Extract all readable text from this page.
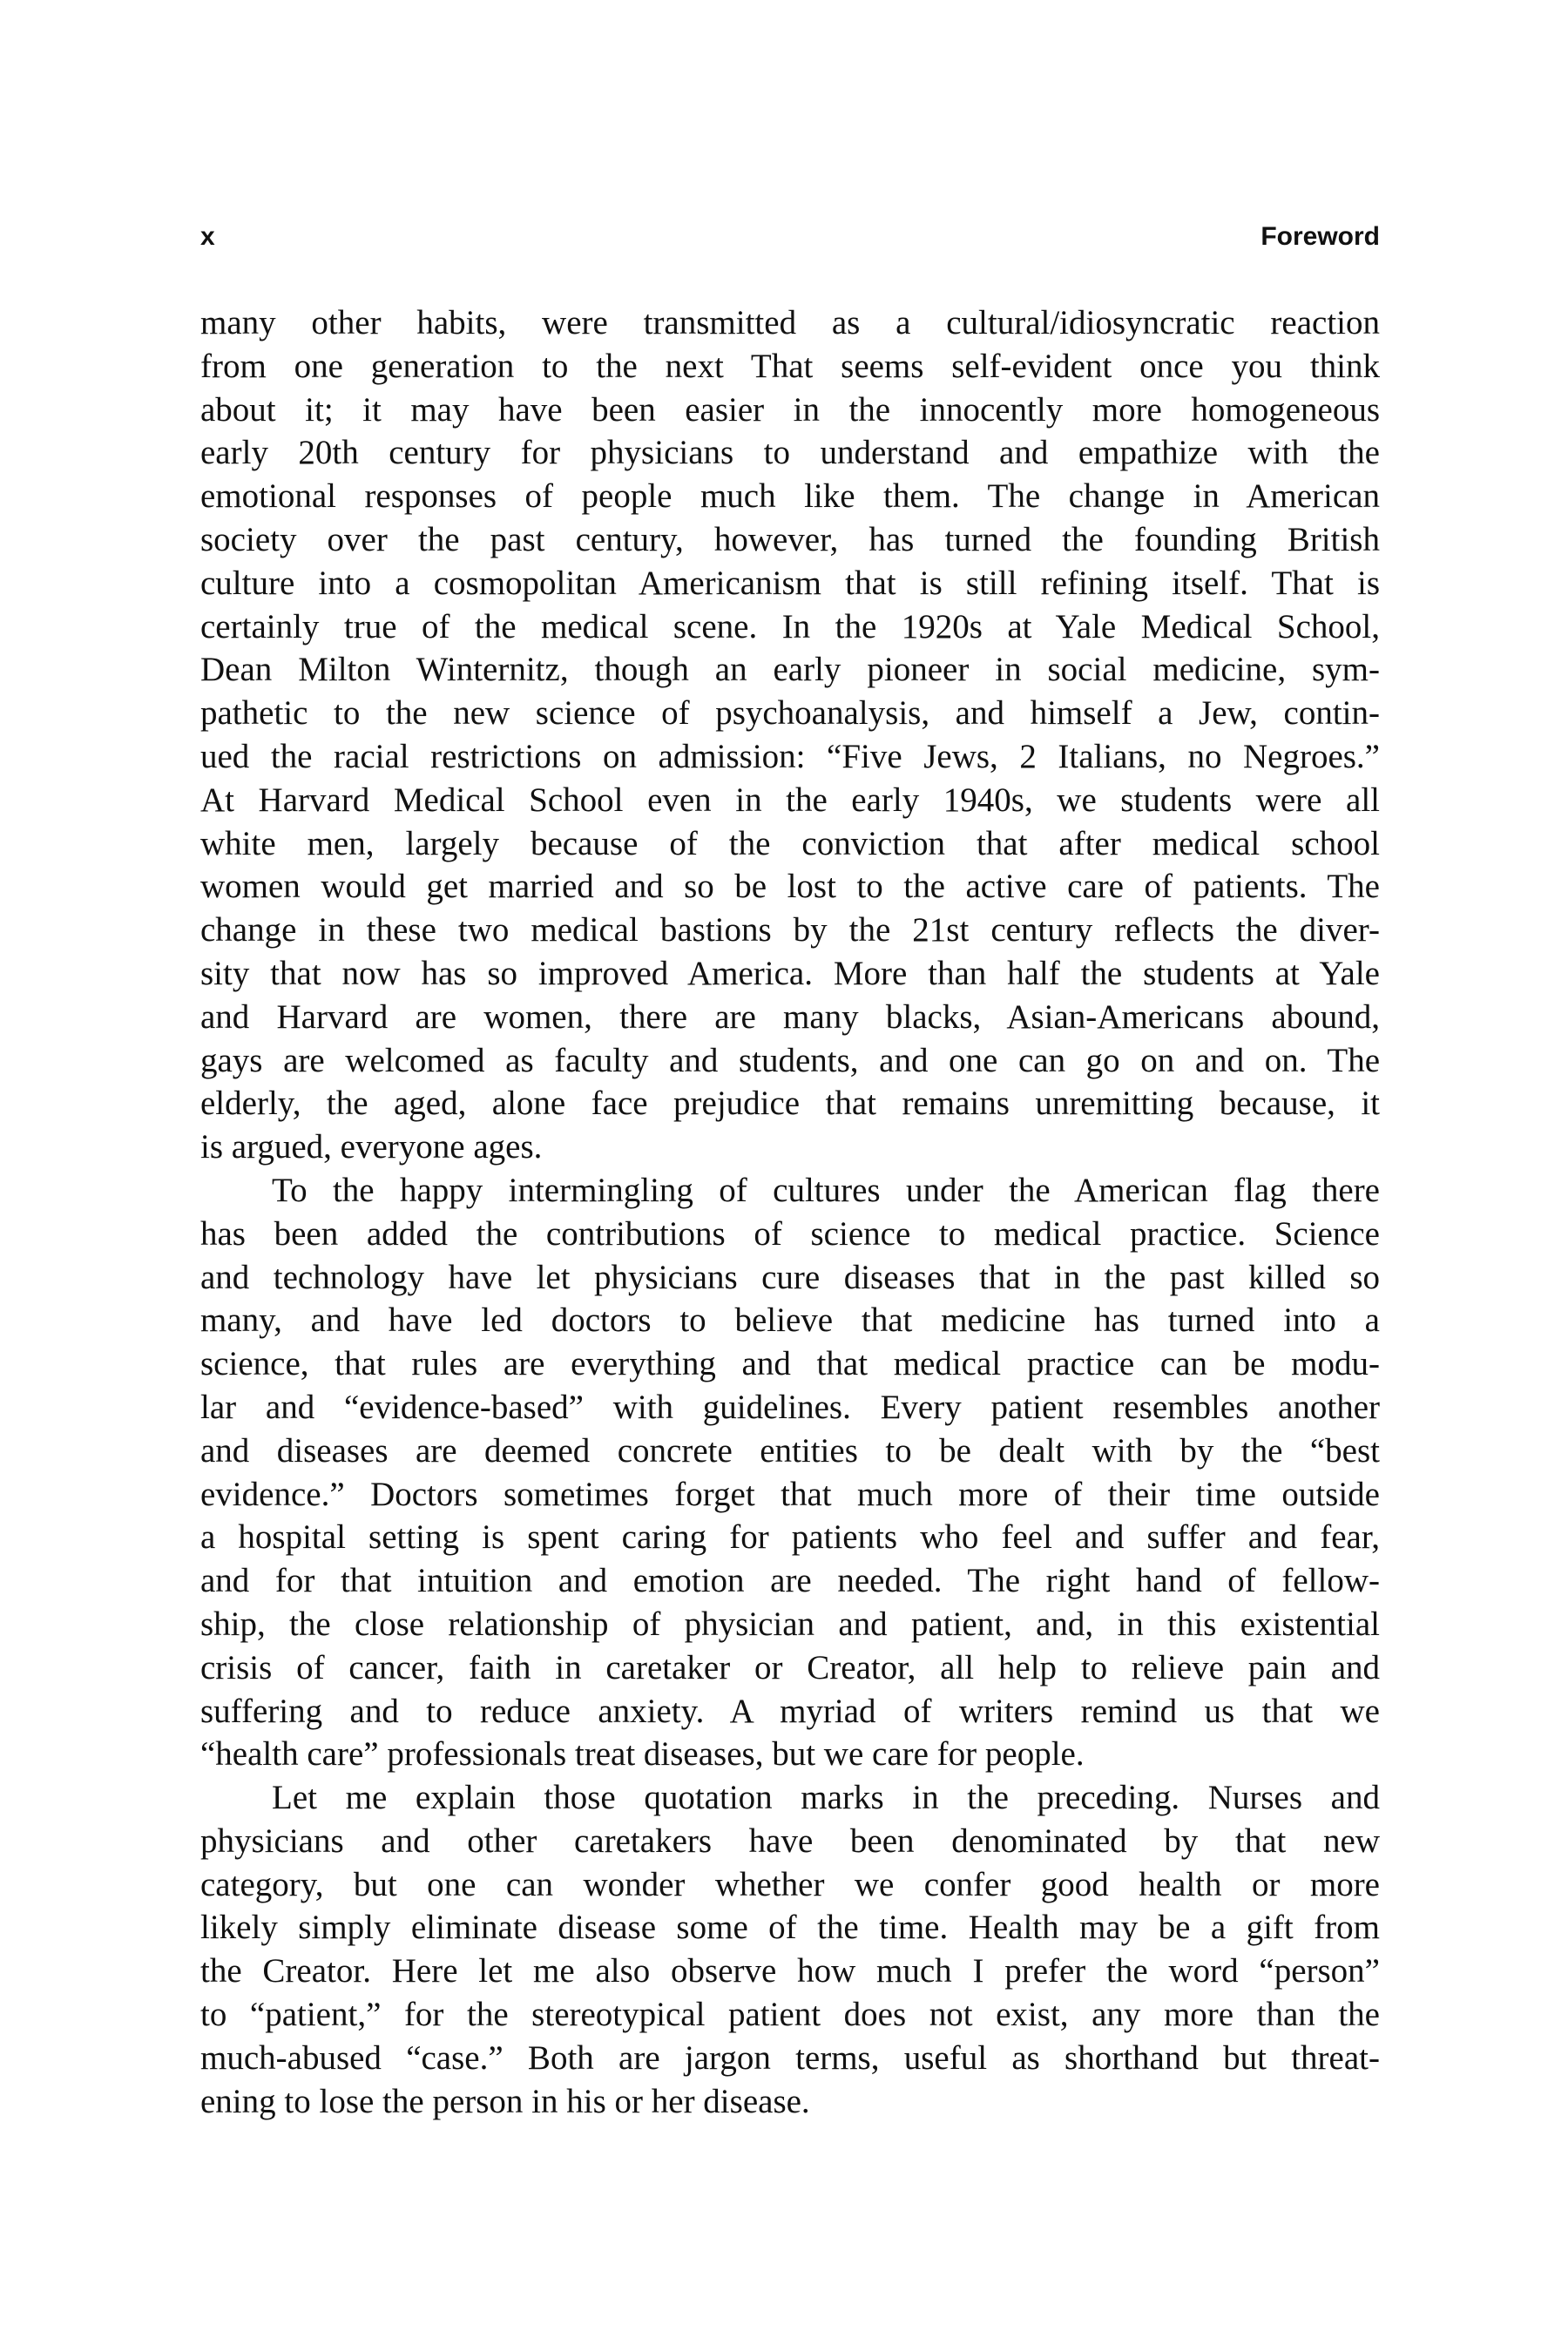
x	Foreword
many other habits, were transmitted as a cultural/idiosyncratic reaction
from one generation to the next That seems self-evident once you think
about it; it may have been easier in the innocently more homogeneous
early 20th century for physicians to understand and empathize with the
emotional responses of people much like them. The change in American
society over the past century, however, has turned the founding British
culture into a cosmopolitan Americanism that is still refining itself. That is
certainly true of the medical scene. In the 1920s at Yale Medical School,
Dean Milton Winternitz, though an early pioneer in social medicine, sym-
pathetic to the new science of psychoanalysis, and himself a Jew, contin-
ued the racial restrictions on admission: “Five Jews, 2 Italians, no Negroes.”
At Harvard Medical School even in the early 1940s, we students were all
white men, largely because of the conviction that after medical school
women would get married and so be lost to the active care of patients. The
change in these two medical bastions by the 21st century reflects the diver-
sity that now has so improved America. More than half the students at Yale
and Harvard are women, there are many blacks, Asian-Americans abound,
gays are welcomed as faculty and students, and one can go on and on. The
elderly, the aged, alone face prejudice that remains unremitting because, it
is argued, everyone ages.
To the happy intermingling of cultures under the American flag there
has been added the contributions of science to medical practice. Science
and technology have let physicians cure diseases that in the past killed so
many, and have led doctors to believe that medicine has turned into a
science, that rules are everything and that medical practice can be modu-
lar and “evidence-based” with guidelines. Every patient resembles another
and diseases are deemed concrete entities to be dealt with by the “best
evidence.” Doctors sometimes forget that much more of their time outside
a hospital setting is spent caring for patients who feel and suffer and fear,
and for that intuition and emotion are needed. The right hand of fellow-
ship, the close relationship of physician and patient, and, in this existential
crisis of cancer, faith in caretaker or Creator, all help to relieve pain and
suffering and to reduce anxiety. A myriad of writers remind us that we
“health care” professionals treat diseases, but we care for people.
Let me explain those quotation marks in the preceding. Nurses and
physicians and other caretakers have been denominated by that new
category, but one can wonder whether we confer good health or more
likely simply eliminate disease some of the time. Health may be a gift from
the Creator. Here let me also observe how much I prefer the word “person”
to “patient,” for the stereotypical patient does not exist, any more than the
much-abused “case.” Both are jargon terms, useful as shorthand but threat-
ening to lose the person in his or her disease.
